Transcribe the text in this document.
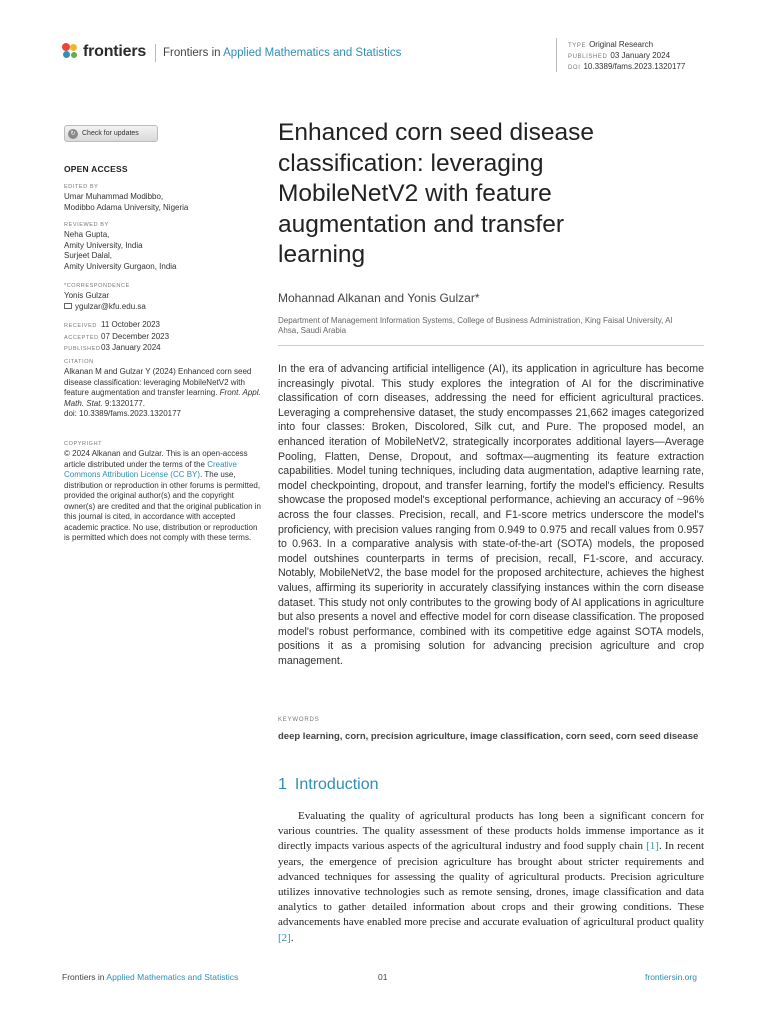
frontiers Frontiers in Applied Mathematics and Statistics
TYPE Original Research
PUBLISHED 03 January 2024
DOI 10.3389/fams.2023.1320177
↻ Check for updates
OPEN ACCESS
EDITED BY
Umar Muhammad Modibbo,
Modibbo Adama University, Nigeria
REVIEWED BY
Neha Gupta,
Amity University, India
Surjeet Dalal,
Amity University Gurgaon, India
*CORRESPONDENCE
Yonis Gulzar
ygulzar@kfu.edu.sa
RECEIVED 11 October 2023
ACCEPTED 07 December 2023
PUBLISHED03 January 2024
CITATION
Alkanan M and Gulzar Y (2024) Enhanced corn seed disease classification: leveraging MobileNetV2 with feature augmentation and transfer learning. Front. Appl. Math. Stat. 9:1320177.
doi: 10.3389/fams.2023.1320177
COPYRIGHT
© 2024 Alkanan and Gulzar. This is an open-access article distributed under the terms of the Creative Commons Attribution License (CC BY). The use, distribution or reproduction in other forums is permitted, provided the original author(s) and the copyright owner(s) are credited and that the original publication in this journal is cited, in accordance with accepted academic practice. No use, distribution or reproduction is permitted which does not comply with these terms.
Enhanced corn seed disease classification: leveraging MobileNetV2 with feature augmentation and transfer learning
Mohannad Alkanan and Yonis Gulzar*
Department of Management Information Systems, College of Business Administration, King Faisal University, Al Ahsa, Saudi Arabia
In the era of advancing artificial intelligence (AI), its application in agriculture has become increasingly pivotal. This study explores the integration of AI for the discriminative classification of corn diseases, addressing the need for efficient agricultural practices. Leveraging a comprehensive dataset, the study encompasses 21,662 images categorized into four classes: Broken, Discolored, Silk cut, and Pure. The proposed model, an enhanced iteration of MobileNetV2, strategically incorporates additional layers—Average Pooling, Flatten, Dense, Dropout, and softmax—augmenting its feature extraction capabilities. Model tuning techniques, including data augmentation, adaptive learning rate, model checkpointing, dropout, and transfer learning, fortify the model's efficiency. Results showcase the proposed model's exceptional performance, achieving an accuracy of ~96% across the four classes. Precision, recall, and F1-score metrics underscore the model's proficiency, with precision values ranging from 0.949 to 0.975 and recall values from 0.957 to 0.963. In a comparative analysis with state-of-the-art (SOTA) models, the proposed model outshines counterparts in terms of precision, recall, F1-score, and accuracy. Notably, MobileNetV2, the base model for the proposed architecture, achieves the highest values, affirming its superiority in accurately classifying instances within the corn disease dataset. This study not only contributes to the growing body of AI applications in agriculture but also presents a novel and effective model for corn disease classification. The proposed model's robust performance, combined with its competitive edge against SOTA models, positions it as a promising solution for advancing precision agriculture and crop management.
KEYWORDS
deep learning, corn, precision agriculture, image classification, corn seed, corn seed disease
1 Introduction
Evaluating the quality of agricultural products has long been a significant concern for various countries. The quality assessment of these products holds immense importance as it directly impacts various aspects of the agricultural industry and food supply chain [1]. In recent years, the emergence of precision agriculture has brought about stricter requirements and advanced techniques for assessing the quality of agricultural products. Precision agriculture utilizes innovative technologies such as remote sensing, drones, image classification and data analytics to gather detailed information about crops and their growing conditions. These advancements have enabled more precise and accurate evaluation of agricultural product quality [2].
Frontiers in Applied Mathematics and Statistics	01	frontiersin.org
